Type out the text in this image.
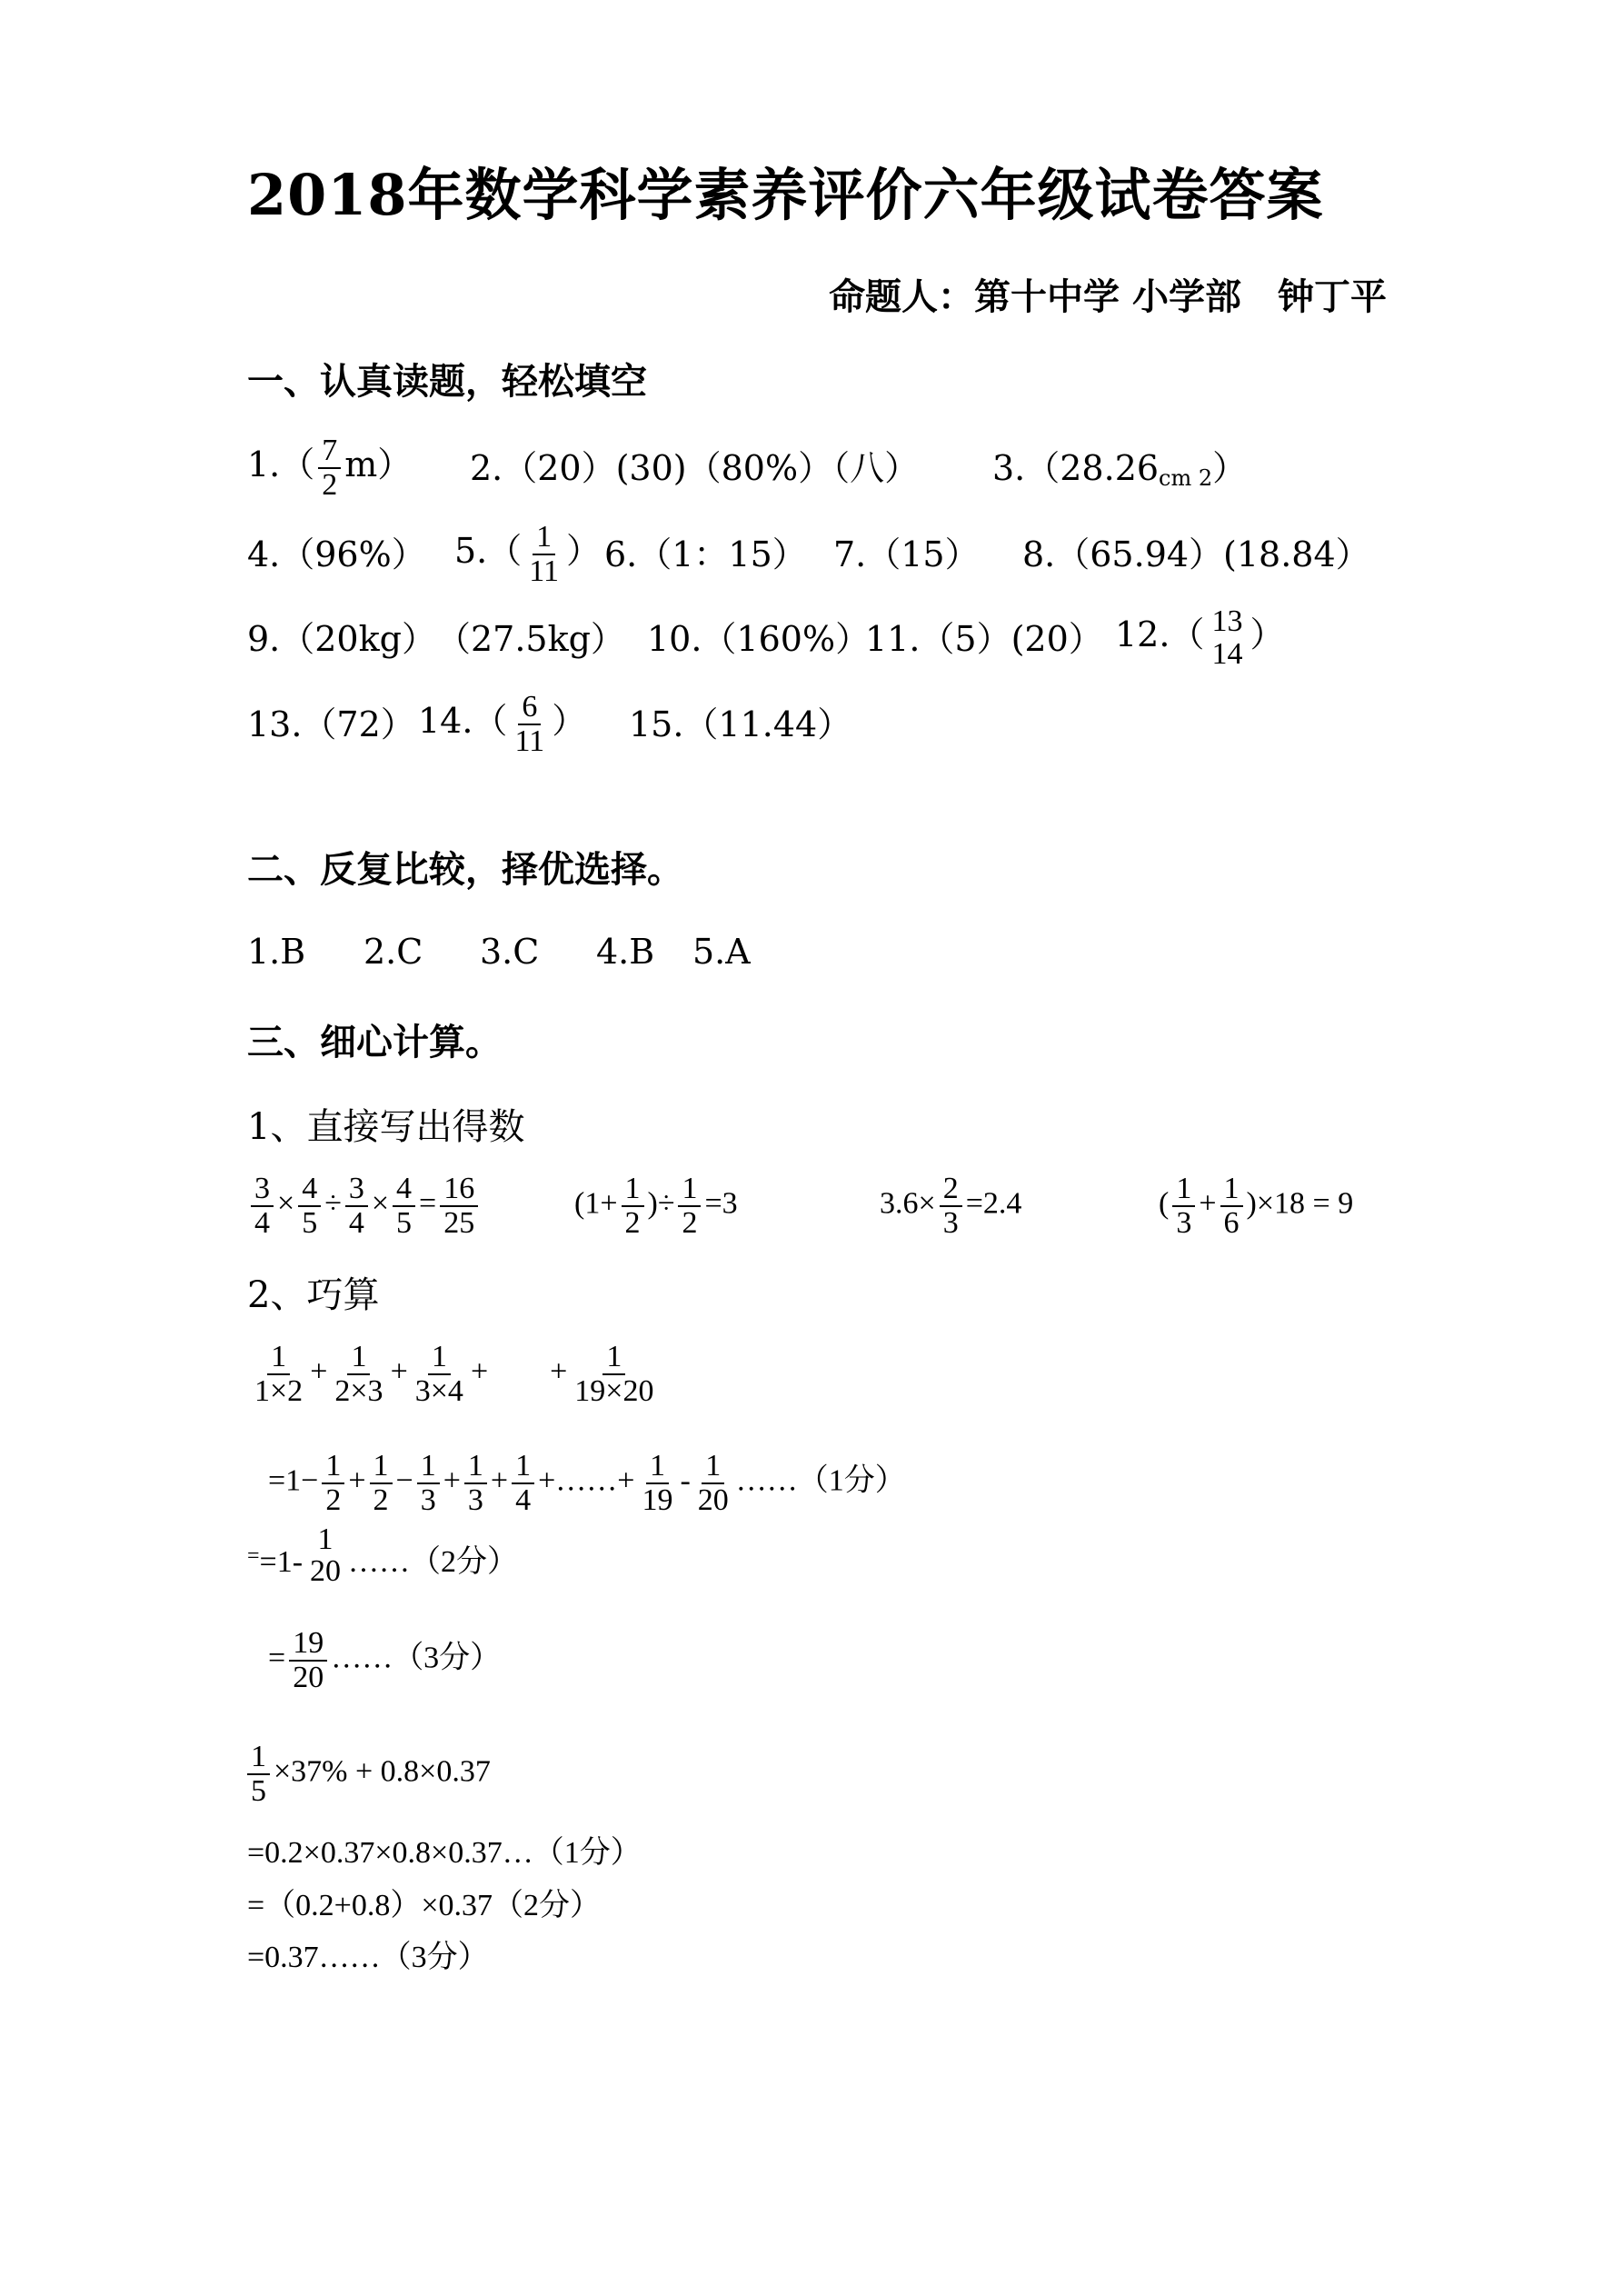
2018年数学科学素养评价六年级试卷答案
命题人：第十中学 小学部　钟丁平
一、认真读题，轻松填空
$1.( \frac{7}{2} m)$ 2.（20）(30)（80%）（八） 3.（28.26cm 2）
4.（96%） $5.( \frac{1}{11}$ ） 6.（1：15） 7.（15） 8.（65.94）(18.84）
9.（20kg）　（27.5kg） 10.（160%）
11.（5）(20） 12.（ 13
14 ）
13.（72） $14.( \frac{6}{11}$ ） 15.（11.44）
二、反复比较，择优选择。
1.B 2.C 3.C 4.B 5.A
三、细心计算。
1、直接写出得数
$\frac{3}{4} \times \frac{4}{5} \div \frac{3}{4} \times \frac{4}{5} = \frac{16}{25}$	($1+ \frac{1}{2}$ )÷ $\frac{1}{2} =3$	$3.6\times \frac{2}{3} =2.4$	( $\frac{1}{3} + \frac{1}{6} )\times 18 = 9$
2、巧算
$\frac{1}{1\times 2} + \frac{1}{2\times 3} + \frac{1}{3\times 4}$ +　　+ $\frac{1}{19\times 20}$
$=1- \frac{1}{2} + \frac{1}{2} - \frac{1}{3} + \frac{1}{3} + \frac{1}{4}$ +……+ $\frac{1}{19} - \frac{1}{20}$ ……（1分）
==1-
1
20 ……（2分）
= $\frac{19}{20}$ ……（3分）
$\frac{1}{5} \times 37\% + 0.8\times 0.37$
=0.2×0.37×0.8×0.37…（1分）
=（0.2+0.8）×0.37（2分）
=0.37……（3分）
